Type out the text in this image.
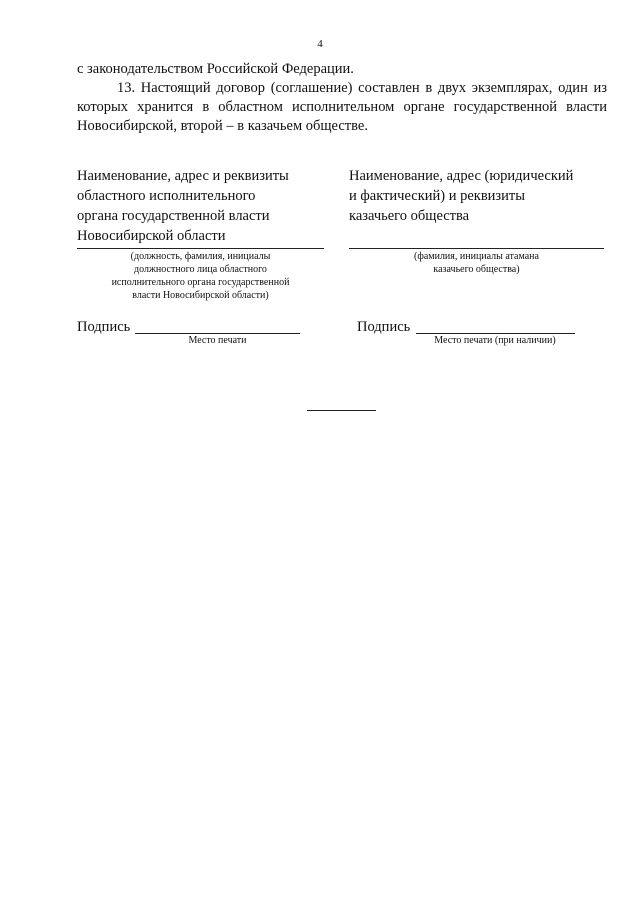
4

с законодательством Российской Федерации.

13. Настоящий договор (соглашение) составлен в двух экземплярах, один из которых хранится в областном исполнительном органе государственной власти Новосибирской, второй – в казачьем обществе.

Наименование, адрес и реквизиты
областного исполнительного
органа государственной власти
Новосибирской области
Наименование, адрес (юридический
и фактический) и реквизиты
казачьего общества
(должность, фамилия, инициалы
должностного лица областного
исполнительного органа государственной
власти Новосибирской области)
(фамилия, инициалы атамана
казачьего общества)
Подпись
Место печати
Подпись
Место печати (при наличии)
